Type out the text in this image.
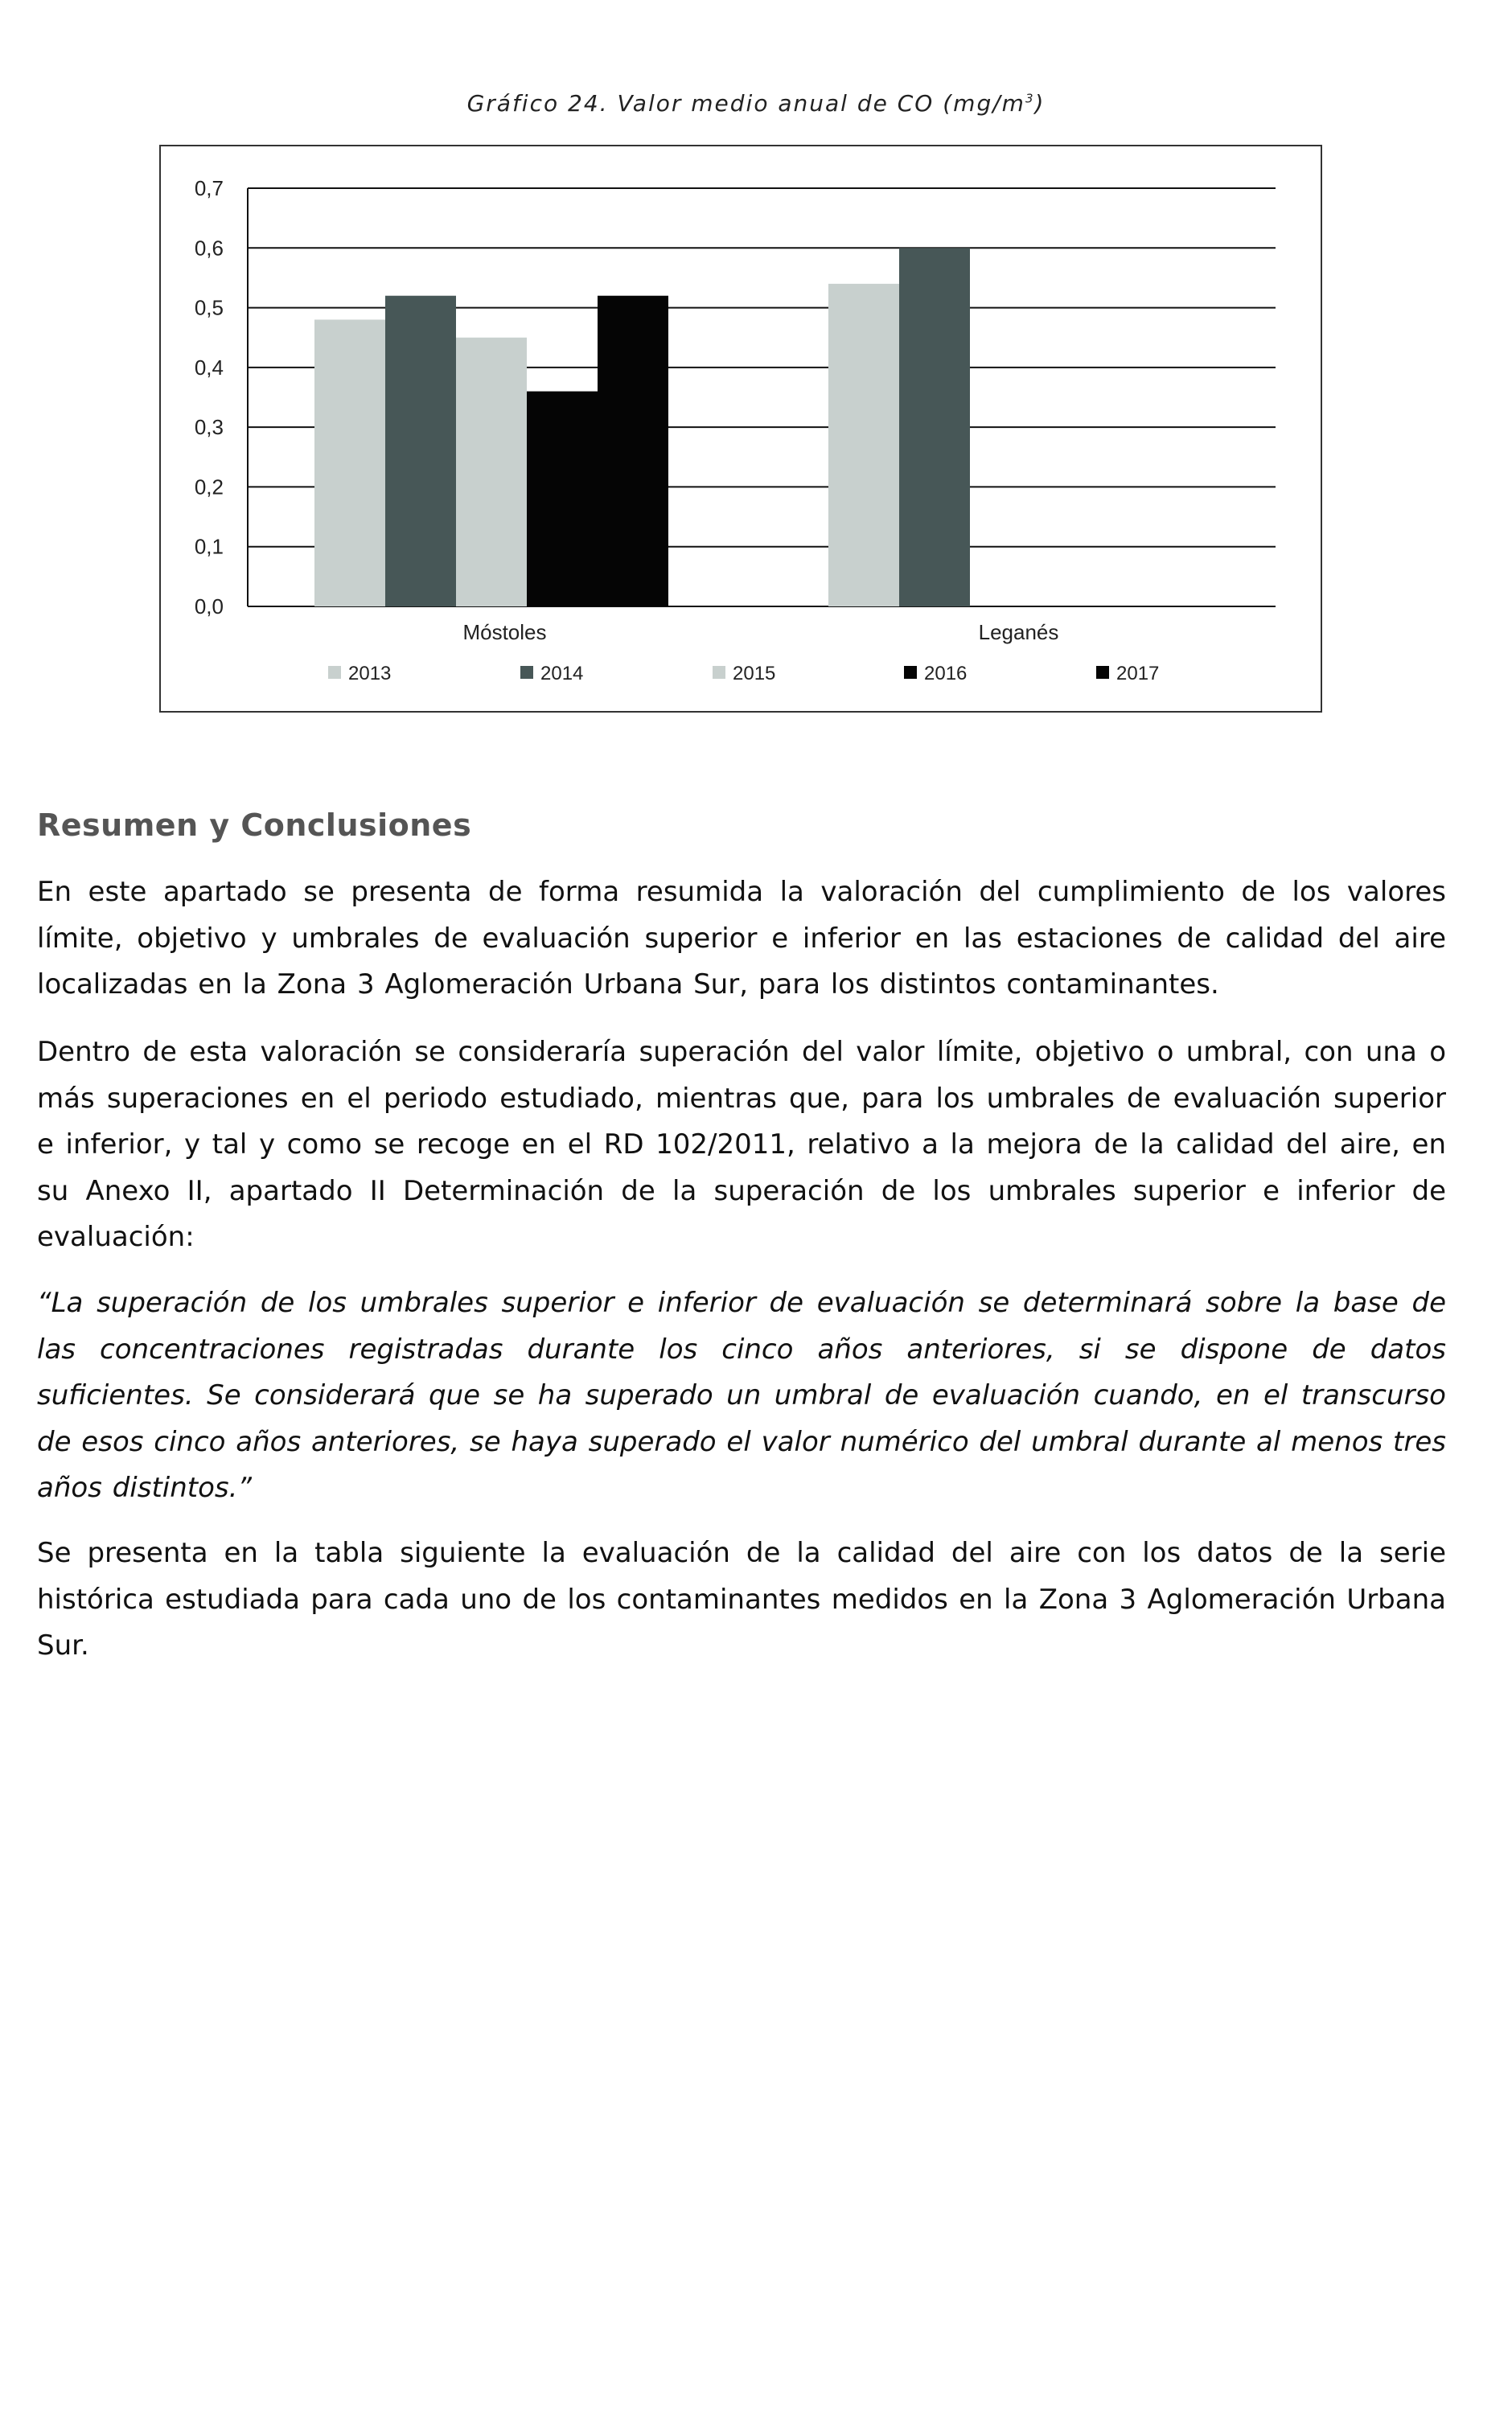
Gráfico 24. Valor medio anual de CO $(mg/m^3)$
0,0
0,1
0,2
0,3
0,4
0,5
0,6
0,7
Móstoles	Leganés
2013	2014	2015	2016	2017
Resumen y Conclusiones
En este apartado se presenta de forma resumida la valoración del cumplimiento de los valores límite, objetivo y umbrales de evaluación superior e inferior en las estaciones de calidad del aire localizadas en la Zona 3 Aglomeración Urbana Sur, para los distintos contaminantes.
Dentro de esta valoración se consideraría superación del valor límite, objetivo o umbral, con una o más superaciones en el periodo estudiado, mientras que, para los umbrales de evaluación superior e inferior, y tal y como se recoge en el RD 102/2011, relativo a la mejora de la calidad del aire, en su Anexo II, apartado II Determinación de la superación de los umbrales superior e inferior de evaluación:
“La superación de los umbrales superior e inferior de evaluación se determinará sobre la base de las concentraciones registradas durante los cinco años anteriores, si se dispone de datos suficientes. Se considerará que se ha superado un umbral de evaluación cuando, en el transcurso de esos cinco años anteriores, se haya superado el valor numérico del umbral durante al menos tres años distintos.”
Se presenta en la tabla siguiente la evaluación de la calidad del aire con los datos de la serie histórica estudiada para cada uno de los contaminantes medidos en la Zona 3 Aglomeración Urbana Sur.
